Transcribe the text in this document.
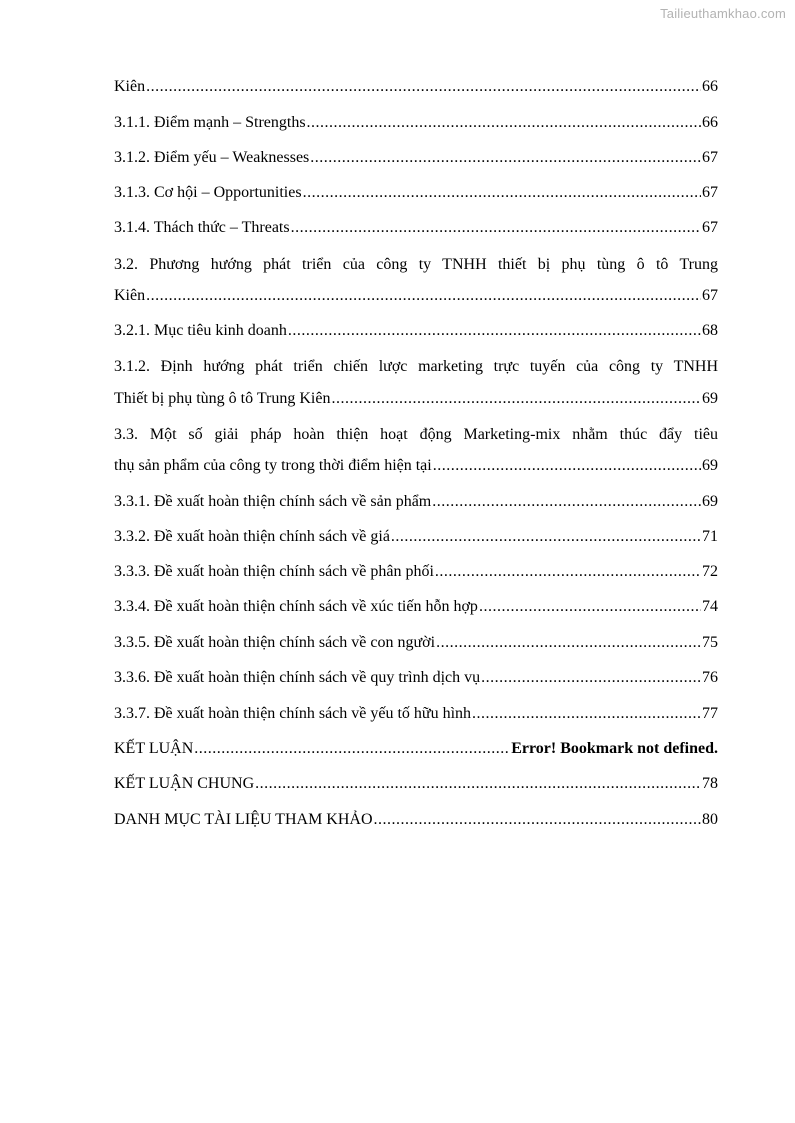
Tailieuthamkhao.com
Kiên .....	66
3.1.1. Điểm mạnh – Strengths .....	66
3.1.2. Điểm yếu – Weaknesses .....	67
3.1.3. Cơ hội – Opportunities .....	67
3.1.4. Thách thức – Threats .....	67
3.2. Phương hướng phát triển của công ty TNHH thiết bị phụ tùng ô tô Trung
Kiên .....	67
3.2.1. Mục tiêu kinh doanh .....	68
3.1.2. Định hướng phát triển chiến lược marketing trực tuyến của công ty TNHH
Thiết bị phụ tùng ô tô Trung Kiên .....	69
3.3. Một số giải pháp hoàn thiện hoạt động Marketing-mix nhằm thúc đẩy tiêu
thụ sản phẩm của công ty trong thời điểm hiện tại .....	69
3.3.1. Đề xuất hoàn thiện chính sách về sản phẩm .....	69
3.3.2. Đề xuất hoàn thiện chính sách về giá .....	71
3.3.3. Đề xuất hoàn thiện chính sách về phân phối .....	72
3.3.4. Đề xuất hoàn thiện chính sách về xúc tiến hỗn hợp .....	74
3.3.5. Đề xuất hoàn thiện chính sách về con người .....	75
3.3.6. Đề xuất hoàn thiện chính sách về quy trình dịch vụ .....	76
3.3.7. Đề xuất hoàn thiện chính sách về yếu tố hữu hình .....	77
KẾT LUẬN .....	Error! Bookmark not defined.
KẾT LUẬN CHUNG .....	78
DANH MỤC TÀI LIỆU THAM KHẢO .....	80
